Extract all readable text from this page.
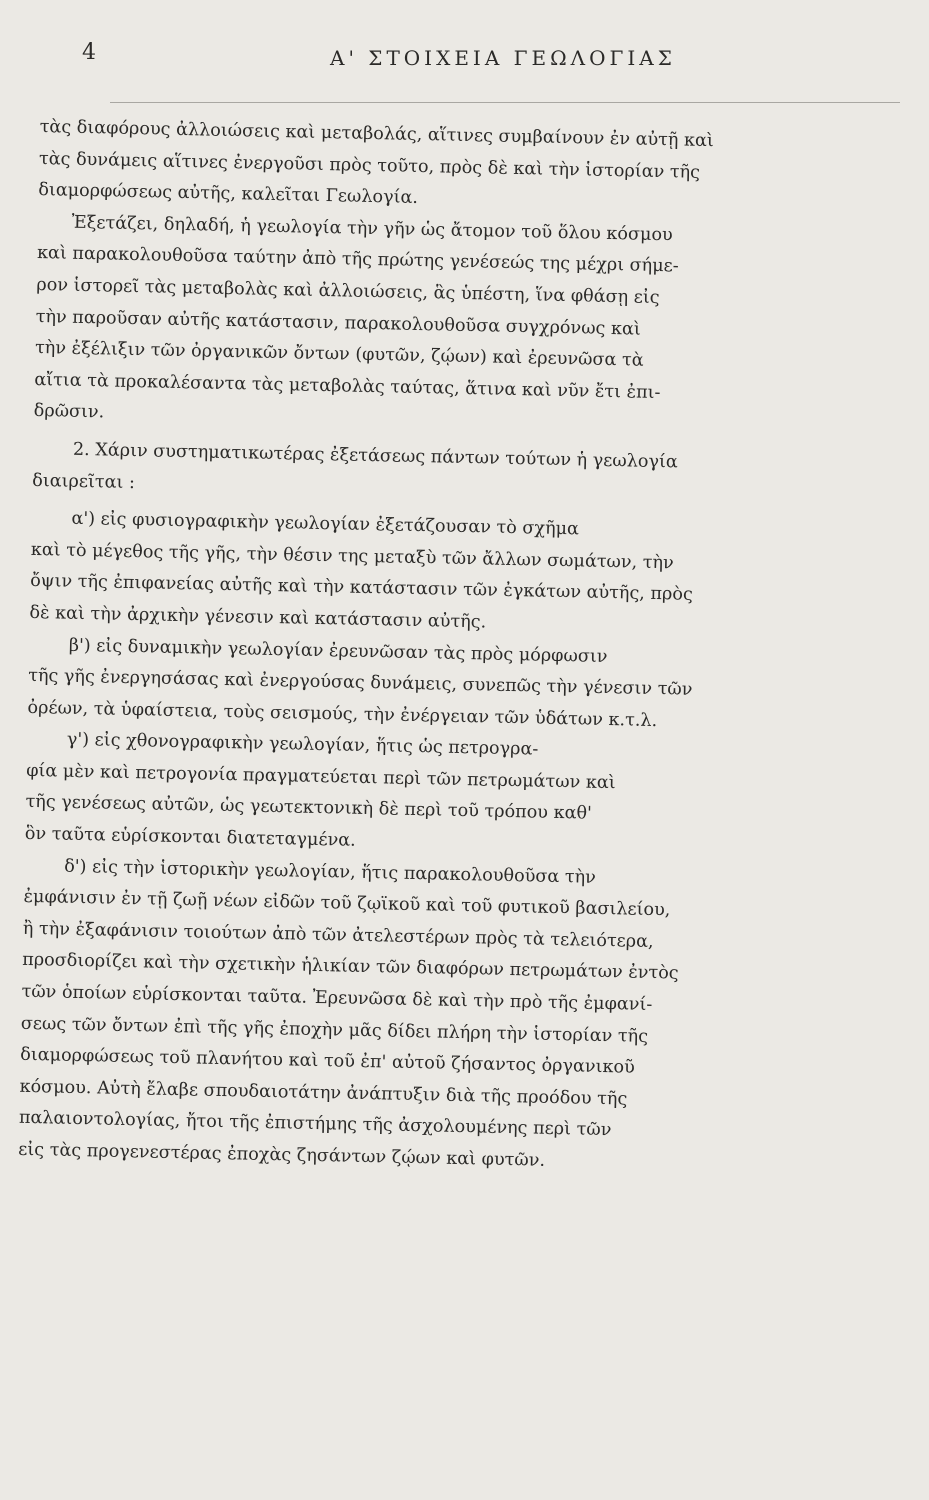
4	Α' ΣΤΟΙΧΕΙΑ ΓΕΩΛΟΓΙΑΣ
τὰς διαφόρους ἀλλοιώσεις καὶ μεταβολάς, αἵτινες συμβαίνουν ἐν αὐτῇ καὶ
τὰς δυνάμεις αἵτινες ἐνεργοῦσι πρὸς τοῦτο, πρὸς δὲ καὶ τὴν ἱστορίαν τῆς
διαμορφώσεως αὐτῆς, καλεῖται Γεωλογία.
Ἐξετάζει, δηλαδή, ἡ γεωλογία τὴν γῆν ὡς ἄτομον τοῦ ὅλου κόσμου
καὶ παρακολουθοῦσα ταύτην ἀπὸ τῆς πρώτης γενέσεώς της μέχρι σήμε-
ρον ἱστορεῖ τὰς μεταβολὰς καὶ ἀλλοιώσεις, ἃς ὑπέστη, ἵνα φθάσῃ εἰς
τὴν παροῦσαν αὐτῆς κατάστασιν, παρακολουθοῦσα συγχρόνως καὶ
τὴν ἐξέλιξιν τῶν ὀργανικῶν ὄντων (φυτῶν, ζῴων) καὶ ἐρευνῶσα τὰ
αἴτια τὰ προκαλέσαντα τὰς μεταβολὰς ταύτας, ἅτινα καὶ νῦν ἔτι ἐπι-
δρῶσιν.
2. Χάριν συστηματικωτέρας ἐξετάσεως πάντων τούτων ἡ γεωλογία
διαιρεῖται :
α') εἰς φυσιογραφικὴν γεωλογίαν ἐξετάζουσαν τὸ σχῆμα
καὶ τὸ μέγεθος τῆς γῆς, τὴν θέσιν της μεταξὺ τῶν ἄλλων σωμάτων, τὴν
ὄψιν τῆς ἐπιφανείας αὐτῆς καὶ τὴν κατάστασιν τῶν ἐγκάτων αὐτῆς, πρὸς
δὲ καὶ τὴν ἀρχικὴν γένεσιν καὶ κατάστασιν αὐτῆς.
β') εἰς δυναμικὴν γεωλογίαν ἐρευνῶσαν τὰς πρὸς μόρφωσιν
τῆς γῆς ἐνεργησάσας καὶ ἐνεργούσας δυνάμεις, συνεπῶς τὴν γένεσιν τῶν
ὀρέων, τὰ ὑφαίστεια, τοὺς σεισμούς, τὴν ἐνέργειαν τῶν ὑδάτων κ.τ.λ.
γ') εἰς χθονογραφικὴν γεωλογίαν, ἥτις ὡς πετρογρα-
φία μὲν καὶ πετρογονία πραγματεύεται περὶ τῶν πετρωμάτων καὶ
τῆς γενέσεως αὐτῶν, ὡς γεωτεκτονικὴ δὲ περὶ τοῦ τρόπου καθ'
ὃν ταῦτα εὑρίσκονται διατεταγμένα.
δ') εἰς τὴν ἱστορικὴν γεωλογίαν, ἥτις παρακολουθοῦσα τὴν
ἐμφάνισιν ἐν τῇ ζωῇ νέων εἰδῶν τοῦ ζῳϊκοῦ καὶ τοῦ φυτικοῦ βασιλείου,
ἢ τὴν ἐξαφάνισιν τοιούτων ἀπὸ τῶν ἀτελεστέρων πρὸς τὰ τελειότερα,
προσδιορίζει καὶ τὴν σχετικὴν ἡλικίαν τῶν διαφόρων πετρωμάτων ἐντὸς
τῶν ὁποίων εὑρίσκονται ταῦτα. Ἐρευνῶσα δὲ καὶ τὴν πρὸ τῆς ἐμφανί-
σεως τῶν ὄντων ἐπὶ τῆς γῆς ἐποχὴν μᾶς δίδει πλήρη τὴν ἱστορίαν τῆς
διαμορφώσεως τοῦ πλανήτου καὶ τοῦ ἐπ' αὐτοῦ ζήσαντος ὀργανικοῦ
κόσμου. Αὐτὴ ἔλαβε σπουδαιοτάτην ἀνάπτυξιν διὰ τῆς προόδου τῆς
παλαιοντολογίας, ἤτοι τῆς ἐπιστήμης τῆς ἀσχολουμένης περὶ τῶν
εἰς τὰς προγενεστέρας ἐποχὰς ζησάντων ζῴων καὶ φυτῶν.
